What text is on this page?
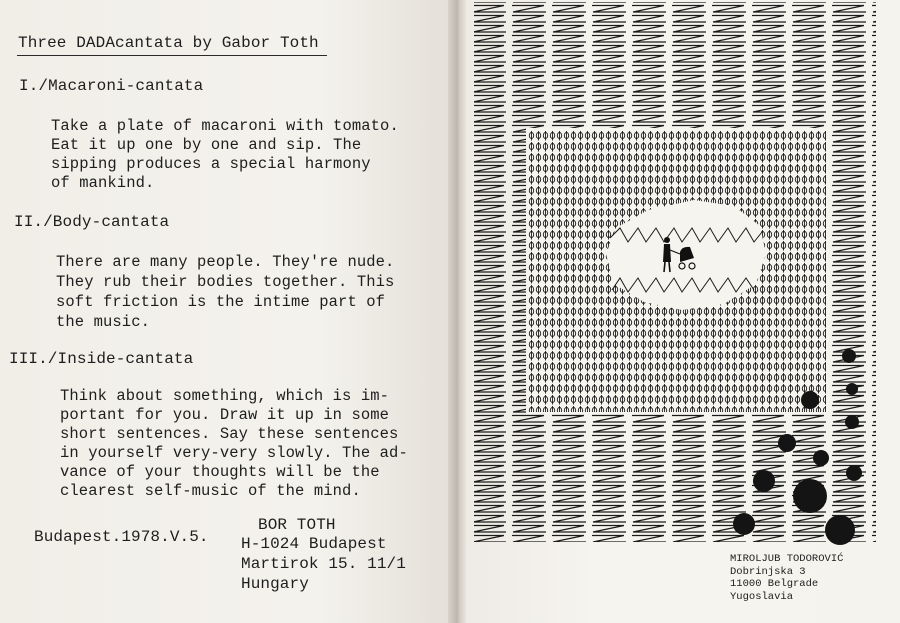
Three DADAcantata by Gabor Toth
I./Macaroni-cantata
Take a plate of macaroni with tomato.
Eat it up one by one and sip. The
sipping produces a special harmony
of mankind.
II./Body-cantata
There are many people. They're nude.
They rub their bodies together. This
soft friction is the intime part of
the music.
III./Inside-cantata
Think about something, which is im-
portant for you. Draw it up in some
short sentences. Say these sentences
in yourself very-very slowly. The ad-
vance of your thoughts will be the
clearest self-music of the mind.
Budapest.1978.V.5.
BOR TOTH
H-1024 Budapest
Martirok 15. 11/1
Hungary
MIROLJUB TODOROVIĆ
Dobrinjska 3
11000 Belgrade
Yugoslavia
